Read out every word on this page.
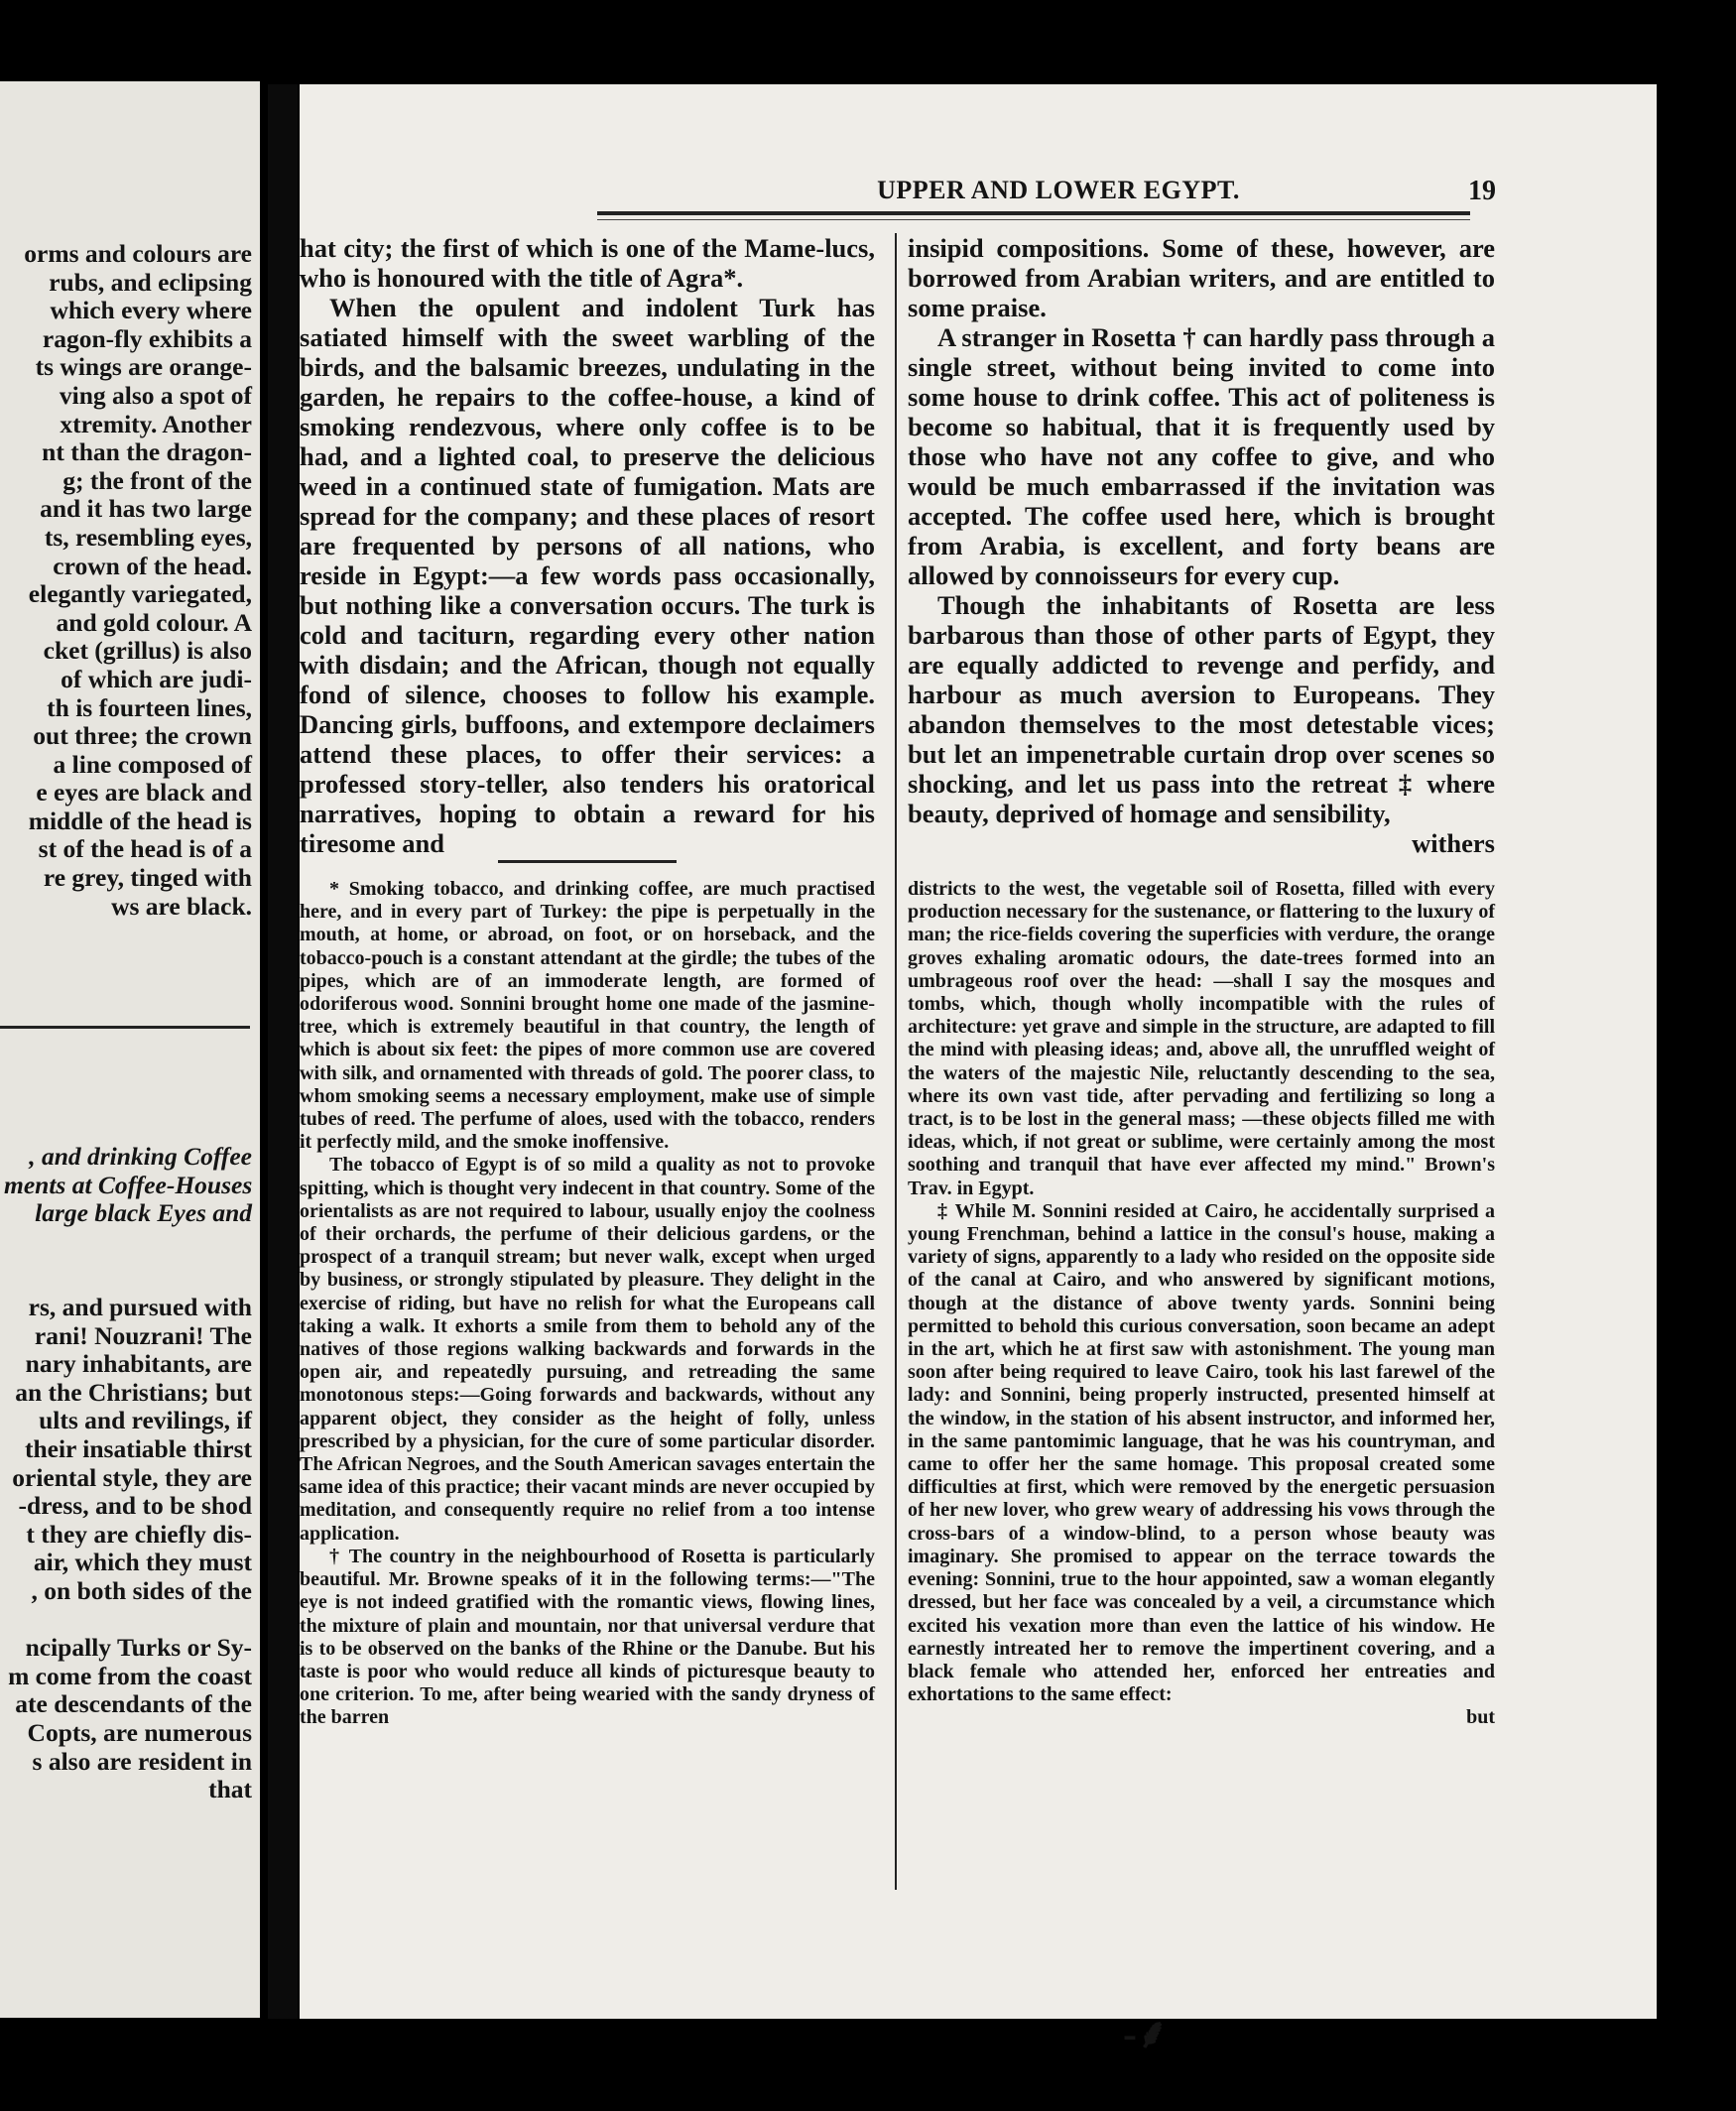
orms and colours are
rubs, and eclipsing
which every where
ragon-fly exhibits a
ts wings are orange-
ving also a spot of
xtremity. Another
nt than the dragon-
g; the front of the
and it has two large
ts, resembling eyes,
crown of the head.
elegantly variegated,
and gold colour. A
cket (grillus) is also
of which are judi-
th is fourteen lines,
out three; the crown
a line composed of
e eyes are black and
middle of the head is
st of the head is of a
re grey, tinged with
ws are black.
, and drinking Coffee
ments at Coffee-Houses
large black Eyes and
rs, and pursued with
rani! Nouzrani! The
nary inhabitants, are
an the Christians; but
ults and revilings, if
their insatiable thirst
oriental style, they are
-dress, and to be shod
t they are chiefly dis-
air, which they must
, on both sides of the

ncipally Turks or Sy-
m come from the coast
ate descendants of the
Copts, are numerous
s also are resident in
that
UPPER AND LOWER EGYPT.	19

hat city; the first of which is one of the Mame-lucs, who is honoured with the title of Agra*.

When the opulent and indolent Turk has satiated himself with the sweet warbling of the birds, and the balsamic breezes, undulating in the garden, he repairs to the coffee-house, a kind of smoking rendezvous, where only coffee is to be had, and a lighted coal, to preserve the delicious weed in a continued state of fumigation. Mats are spread for the company; and these places of resort are frequented by persons of all nations, who reside in Egypt:—a few words pass occasionally, but nothing like a conversation occurs. The turk is cold and taciturn, regarding every other nation with disdain; and the African, though not equally fond of silence, chooses to follow his example. Dancing girls, buffoons, and extempore declaimers attend these places, to offer their services: a professed story-teller, also tenders his oratorical narratives, hoping to obtain a reward for his tiresome and

insipid compositions. Some of these, however, are borrowed from Arabian writers, and are entitled to some praise.

A stranger in Rosetta † can hardly pass through a single street, without being invited to come into some house to drink coffee. This act of politeness is become so habitual, that it is frequently used by those who have not any coffee to give, and who would be much embarrassed if the invitation was accepted. The coffee used here, which is brought from Arabia, is excellent, and forty beans are allowed by connoisseurs for every cup.

Though the inhabitants of Rosetta are less barbarous than those of other parts of Egypt, they are equally addicted to revenge and perfidy, and harbour as much aversion to Europeans. They abandon themselves to the most detestable vices; but let an impenetrable curtain drop over scenes so shocking, and let us pass into the retreat ‡ where beauty, deprived of homage and sensibility,

withers

* Smoking tobacco, and drinking coffee, are much practised here, and in every part of Turkey: the pipe is perpetually in the mouth, at home, or abroad, on foot, or on horseback, and the tobacco-pouch is a constant attendant at the girdle; the tubes of the pipes, which are of an immoderate length, are formed of odoriferous wood. Sonnini brought home one made of the jasmine-tree, which is extremely beautiful in that country, the length of which is about six feet: the pipes of more common use are covered with silk, and ornamented with threads of gold. The poorer class, to whom smoking seems a necessary employment, make use of simple tubes of reed. The perfume of aloes, used with the tobacco, renders it perfectly mild, and the smoke inoffensive.

The tobacco of Egypt is of so mild a quality as not to provoke spitting, which is thought very indecent in that country. Some of the orientalists as are not required to labour, usually enjoy the coolness of their orchards, the perfume of their delicious gardens, or the prospect of a tranquil stream; but never walk, except when urged by business, or strongly stipulated by pleasure. They delight in the exercise of riding, but have no relish for what the Europeans call taking a walk. It exhorts a smile from them to behold any of the natives of those regions walking backwards and forwards in the open air, and repeatedly pursuing, and retreading the same monotonous steps:—Going forwards and backwards, without any apparent object, they consider as the height of folly, unless prescribed by a physician, for the cure of some particular disorder. The African Negroes, and the South American savages entertain the same idea of this practice; their vacant minds are never occupied by meditation, and consequently require no relief from a too intense application.

† The country in the neighbourhood of Rosetta is particularly beautiful. Mr. Browne speaks of it in the following terms:—"The eye is not indeed gratified with the romantic views, flowing lines, the mixture of plain and mountain, nor that universal verdure that is to be observed on the banks of the Rhine or the Danube. But his taste is poor who would reduce all kinds of picturesque beauty to one criterion. To me, after being wearied with the sandy dryness of the barren

districts to the west, the vegetable soil of Rosetta, filled with every production necessary for the sustenance, or flattering to the luxury of man; the rice-fields covering the superficies with verdure, the orange groves exhaling aromatic odours, the date-trees formed into an umbrageous roof over the head: —shall I say the mosques and tombs, which, though wholly incompatible with the rules of architecture: yet grave and simple in the structure, are adapted to fill the mind with pleasing ideas; and, above all, the unruffled weight of the waters of the majestic Nile, reluctantly descending to the sea, where its own vast tide, after pervading and fertilizing so long a tract, is to be lost in the general mass; —these objects filled me with ideas, which, if not great or sublime, were certainly among the most soothing and tranquil that have ever affected my mind." Brown's Trav. in Egypt.

‡ While M. Sonnini resided at Cairo, he accidentally surprised a young Frenchman, behind a lattice in the consul's house, making a variety of signs, apparently to a lady who resided on the opposite side of the canal at Cairo, and who answered by significant motions, though at the distance of above twenty yards. Sonnini being permitted to behold this curious conversation, soon became an adept in the art, which he at first saw with astonishment. The young man soon after being required to leave Cairo, took his last farewel of the lady: and Sonnini, being properly instructed, presented himself at the window, in the station of his absent instructor, and informed her, in the same pantomimic language, that he was his countryman, and came to offer her the same homage. This proposal created some difficulties at first, which were removed by the energetic persuasion of her new lover, who grew weary of addressing his vows through the cross-bars of a window-blind, to a person whose beauty was imaginary. She promised to appear on the terrace towards the evening: Sonnini, true to the hour appointed, saw a woman elegantly dressed, but her face was concealed by a veil, a circumstance which excited his vexation more than even the lattice of his window. He earnestly intreated her to remove the impertinent covering, and a black female who attended her, enforced her entreaties and exhortations to the same effect:

but

-⸙
